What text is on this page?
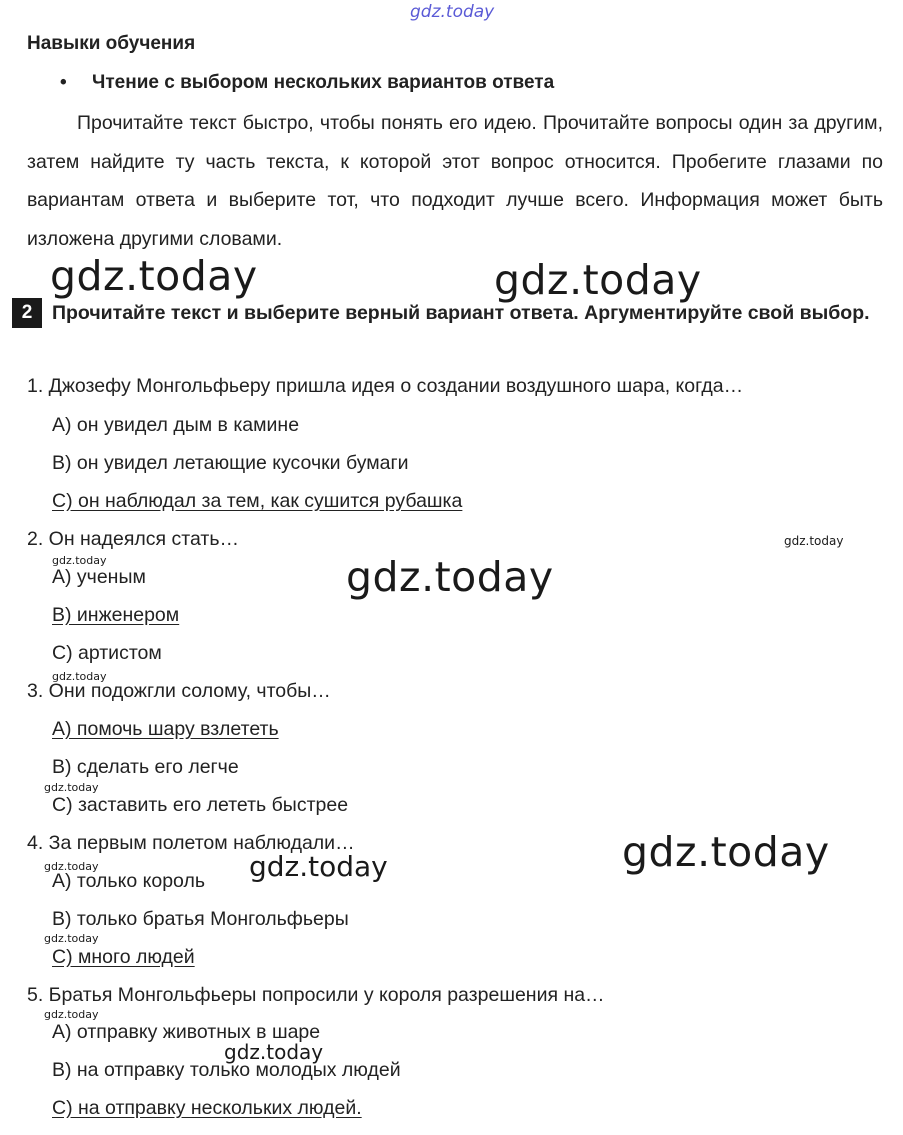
gdz.today
gdz.today	gdz.today
gdz.today
gdz.today
gdz.today
gdz.today
gdz.today
gdz.today
gdz.today
gdz.today
gdz.today
gdz.today
gdz.today
Навыки обучения
• Чтение с выбором нескольких вариантов ответа
Прочитайте текст быстро, чтобы понять его идею. Прочитайте вопросы один за другим, затем найдите ту часть текста, к которой этот вопрос относится. Пробегите глазами по вариантам ответа и выберите тот, что подходит лучше всего. Информация может быть изложена другими словами.
2	Прочитайте текст и выберите верный вариант ответа. Аргументируйте свой выбор.
1. Джозефу Монгольфьеру пришла идея о создании воздушного шара, когда…
А) он увидел дым в камине
В) он увидел летающие кусочки бумаги
С) он наблюдал за тем, как сушится рубашка
2. Он надеялся стать…
А) ученым
В) инженером
С) артистом
3. Они подожгли солому, чтобы…
А) помочь шару взлететь
В) сделать его легче
С) заставить его лететь быстрее
4. За первым полетом наблюдали…
А) только король
В) только братья Монгольфьеры
С) много людей
5. Братья Монгольфьеры попросили у короля разрешения на…
А) отправку животных в шаре
В) на отправку только молодых людей
С) на отправку нескольких людей.
